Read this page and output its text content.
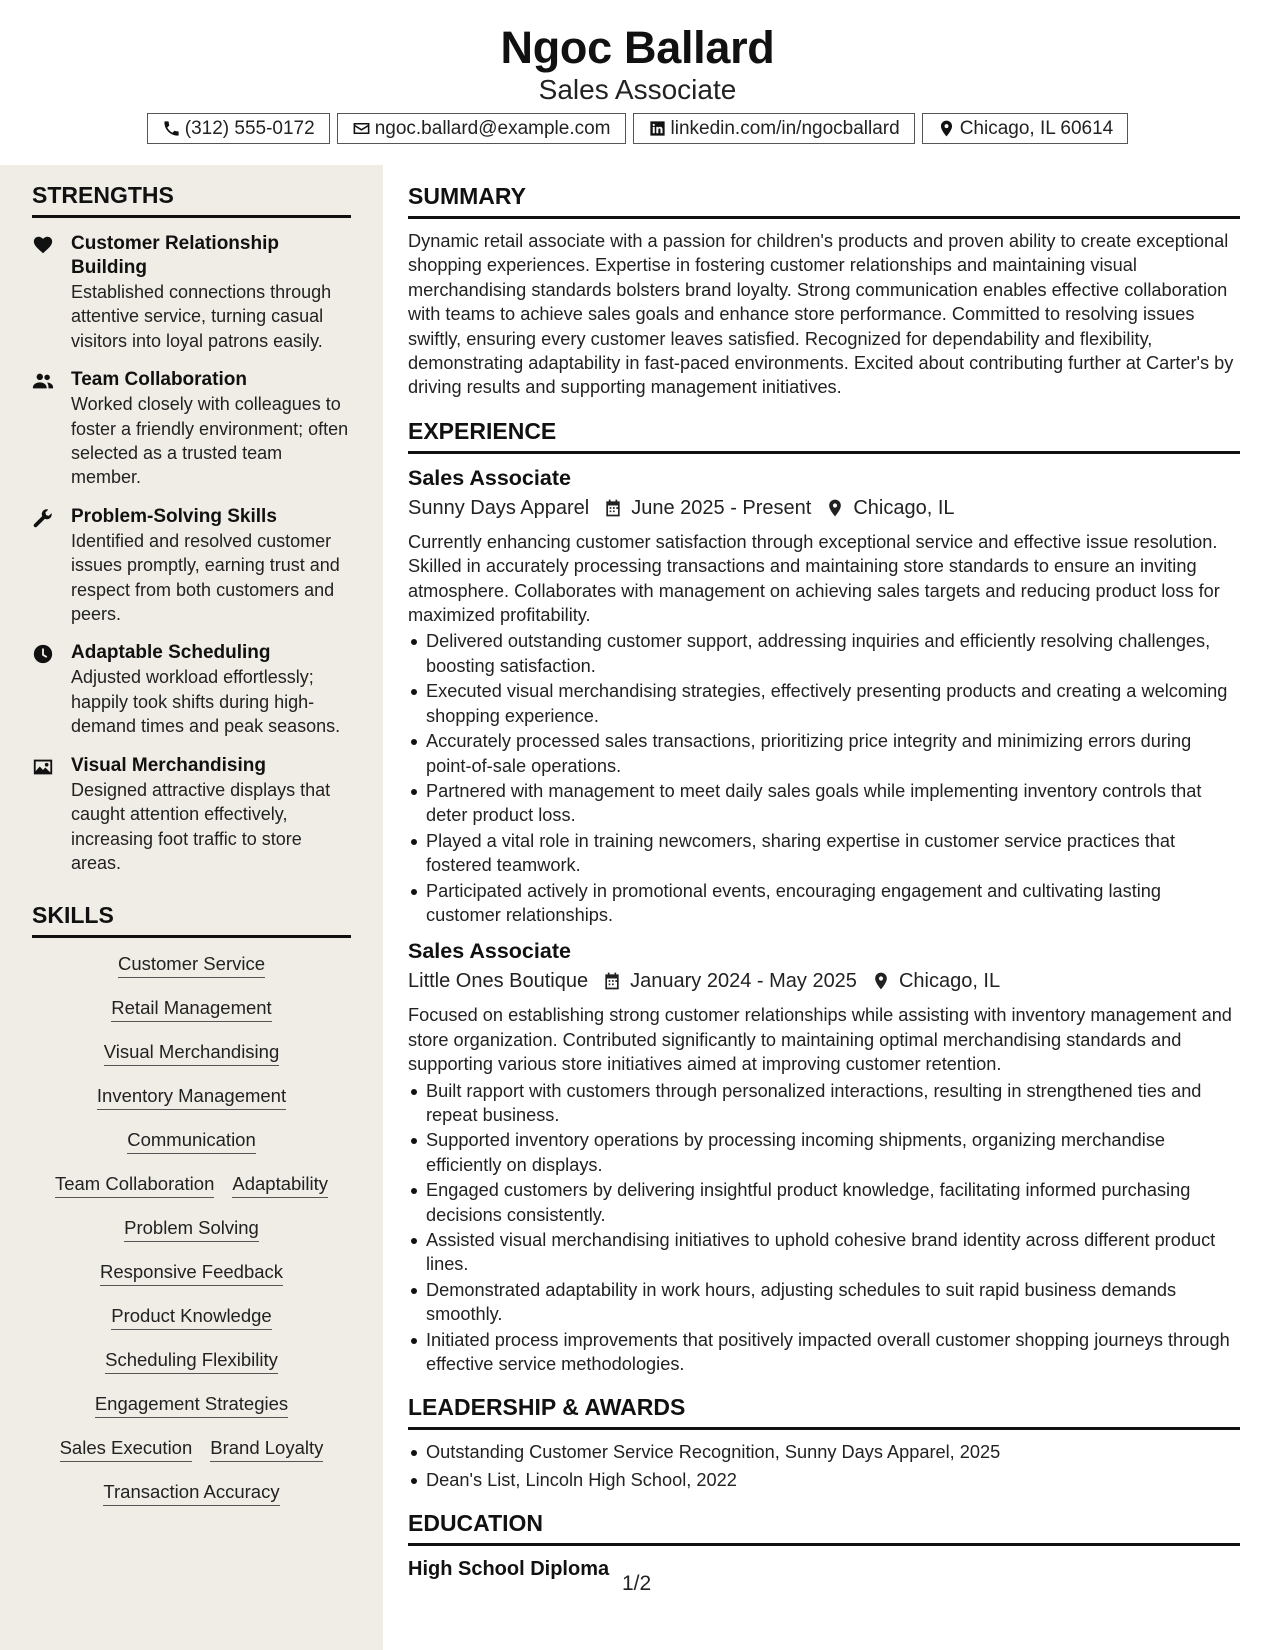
Ngoc Ballard
Sales Associate
(312) 555-0172	ngoc.ballard@example.com	linkedin.com/in/ngocballard	Chicago, IL 60614
STRENGTHS
Customer Relationship Building
Established connections through attentive service, turning casual visitors into loyal patrons easily.
Team Collaboration
Worked closely with colleagues to foster a friendly environment; often selected as a trusted team member.
Problem-Solving Skills
Identified and resolved customer issues promptly, earning trust and respect from both customers and peers.
Adaptable Scheduling
Adjusted workload effortlessly; happily took shifts during high-demand times and peak seasons.
Visual Merchandising
Designed attractive displays that caught attention effectively, increasing foot traffic to store areas.
SKILLS
Customer Service
Retail Management
Visual Merchandising
Inventory Management
Communication
Team Collaboration Adaptability
Problem Solving
Responsive Feedback
Product Knowledge
Scheduling Flexibility
Engagement Strategies
Sales Execution Brand Loyalty
Transaction Accuracy
SUMMARY
Dynamic retail associate with a passion for children's products and proven ability to create exceptional shopping experiences. Expertise in fostering customer relationships and maintaining visual merchandising standards bolsters brand loyalty. Strong communication enables effective collaboration with teams to achieve sales goals and enhance store performance. Committed to resolving issues swiftly, ensuring every customer leaves satisfied. Recognized for dependability and flexibility, demonstrating adaptability in fast-paced environments. Excited about contributing further at Carter's by driving results and supporting management initiatives.
EXPERIENCE
Sales Associate
Sunny Days Apparel June 2025 - Present Chicago, IL
Currently enhancing customer satisfaction through exceptional service and effective issue resolution. Skilled in accurately processing transactions and maintaining store standards to ensure an inviting atmosphere. Collaborates with management on achieving sales targets and reducing product loss for maximized profitability.
Delivered outstanding customer support, addressing inquiries and efficiently resolving challenges, boosting satisfaction.
Executed visual merchandising strategies, effectively presenting products and creating a welcoming shopping experience.
Accurately processed sales transactions, prioritizing price integrity and minimizing errors during point-of-sale operations.
Partnered with management to meet daily sales goals while implementing inventory controls that deter product loss.
Played a vital role in training newcomers, sharing expertise in customer service practices that fostered teamwork.
Participated actively in promotional events, encouraging engagement and cultivating lasting customer relationships.
Sales Associate
Little Ones Boutique January 2024 - May 2025 Chicago, IL
Focused on establishing strong customer relationships while assisting with inventory management and store organization. Contributed significantly to maintaining optimal merchandising standards and supporting various store initiatives aimed at improving customer retention.
Built rapport with customers through personalized interactions, resulting in strengthened ties and repeat business.
Supported inventory operations by processing incoming shipments, organizing merchandise efficiently on displays.
Engaged customers by delivering insightful product knowledge, facilitating informed purchasing decisions consistently.
Assisted visual merchandising initiatives to uphold cohesive brand identity across different product lines.
Demonstrated adaptability in work hours, adjusting schedules to suit rapid business demands smoothly.
Initiated process improvements that positively impacted overall customer shopping journeys through effective service methodologies.
LEADERSHIP & AWARDS
Outstanding Customer Service Recognition, Sunny Days Apparel, 2025
Dean's List, Lincoln High School, 2022
EDUCATION
High School Diploma
1/2
